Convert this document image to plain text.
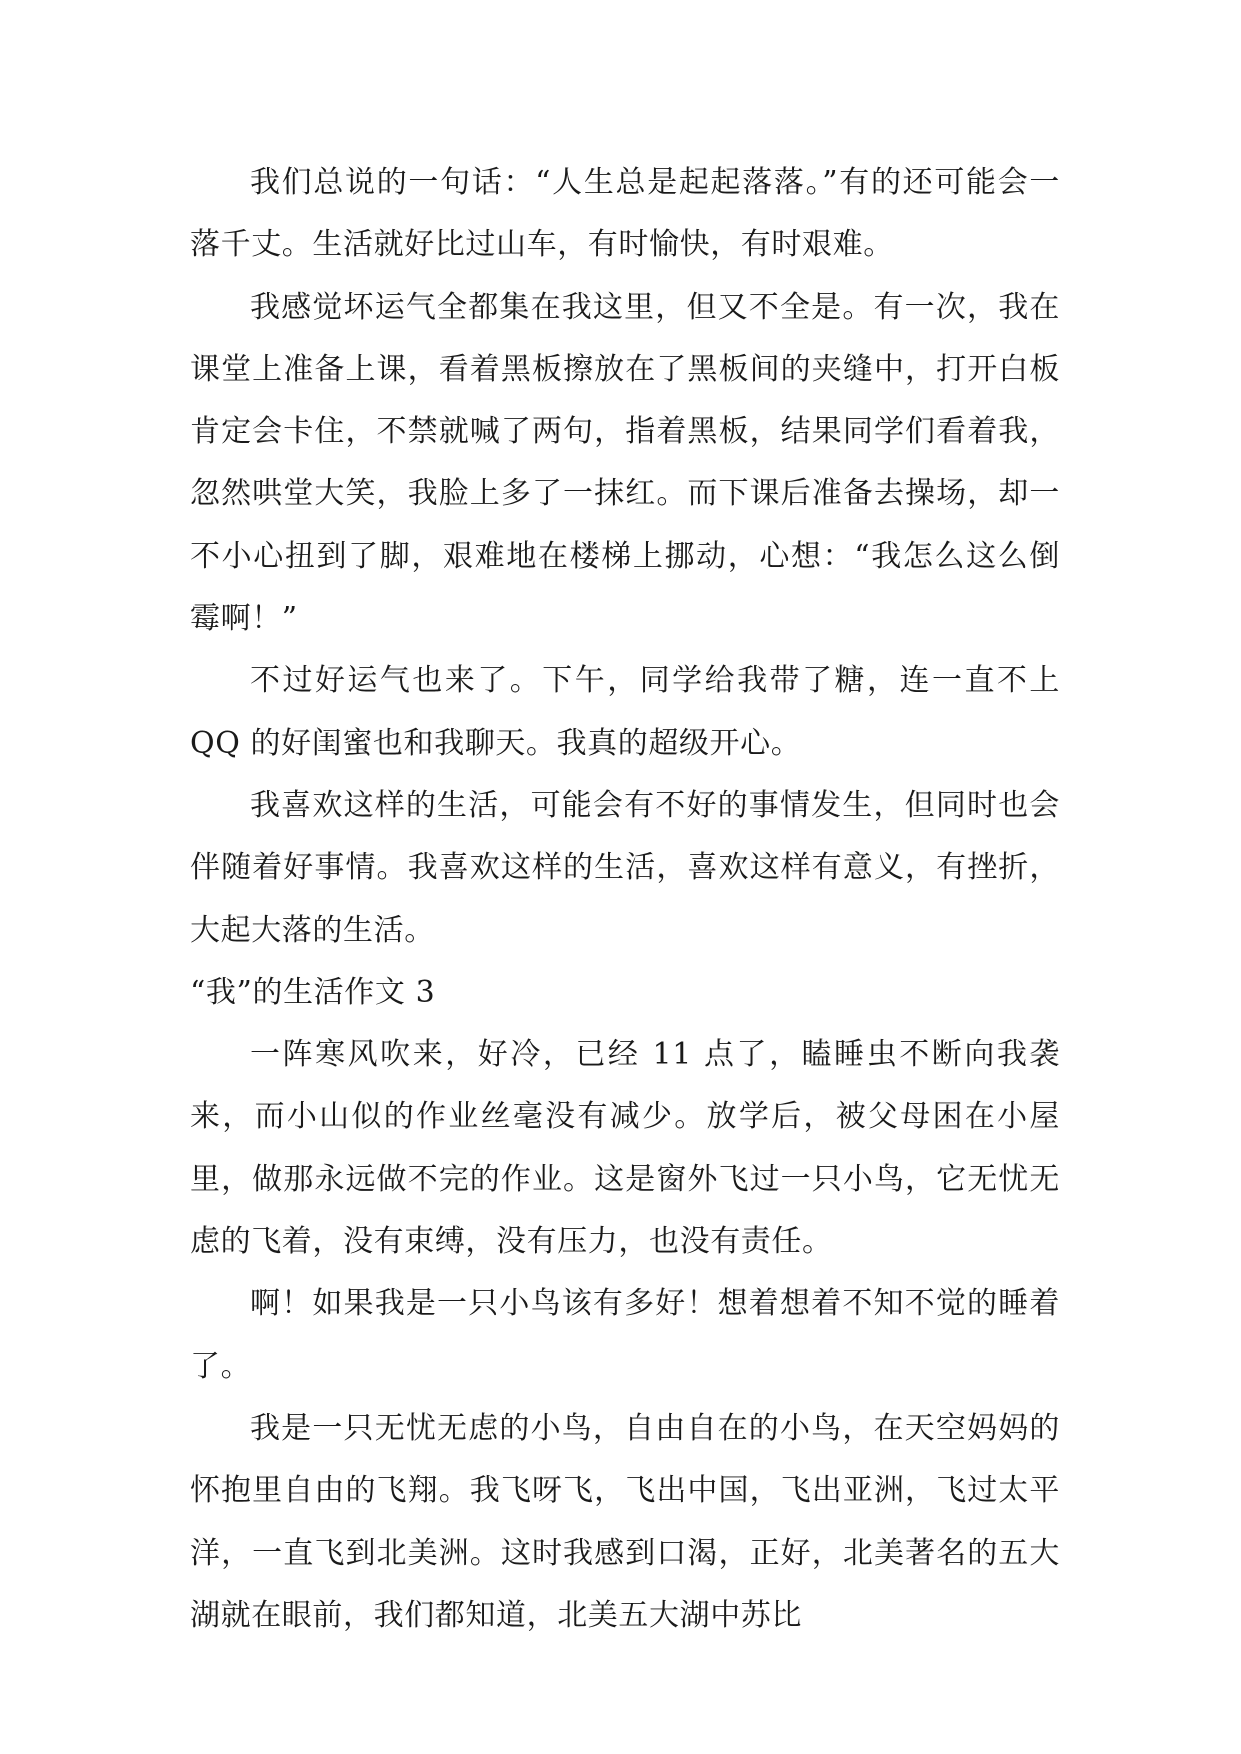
我们总说的一句话：“人生总是起起落落。”有的还可能会一落千丈。生活就好比过山车，有时愉快，有时艰难。

我感觉坏运气全都集在我这里，但又不全是。有一次，我在课堂上准备上课，看着黑板擦放在了黑板间的夹缝中，打开白板肯定会卡住，不禁就喊了两句，指着黑板，结果同学们看着我，忽然哄堂大笑，我脸上多了一抹红。而下课后准备去操场，却一不小心扭到了脚，艰难地在楼梯上挪动，心想：“我怎么这么倒霉啊！”

不过好运气也来了。下午，同学给我带了糖，连一直不上 QQ 的好闺蜜也和我聊天。我真的超级开心。

我喜欢这样的生活，可能会有不好的事情发生，但同时也会伴随着好事情。我喜欢这样的生活，喜欢这样有意义，有挫折，大起大落的生活。

“我”的生活作文 3

一阵寒风吹来，好冷，已经 11 点了，瞌睡虫不断向我袭来，而小山似的作业丝毫没有减少。放学后，被父母困在小屋里，做那永远做不完的作业。这是窗外飞过一只小鸟，它无忧无虑的飞着，没有束缚，没有压力，也没有责任。

啊！如果我是一只小鸟该有多好！想着想着不知不觉的睡着了。

我是一只无忧无虑的小鸟，自由自在的小鸟，在天空妈妈的怀抱里自由的飞翔。我飞呀飞，飞出中国，飞出亚洲，飞过太平洋，一直飞到北美洲。这时我感到口渴，正好，北美著名的五大湖就在眼前，我们都知道，北美五大湖中苏比
